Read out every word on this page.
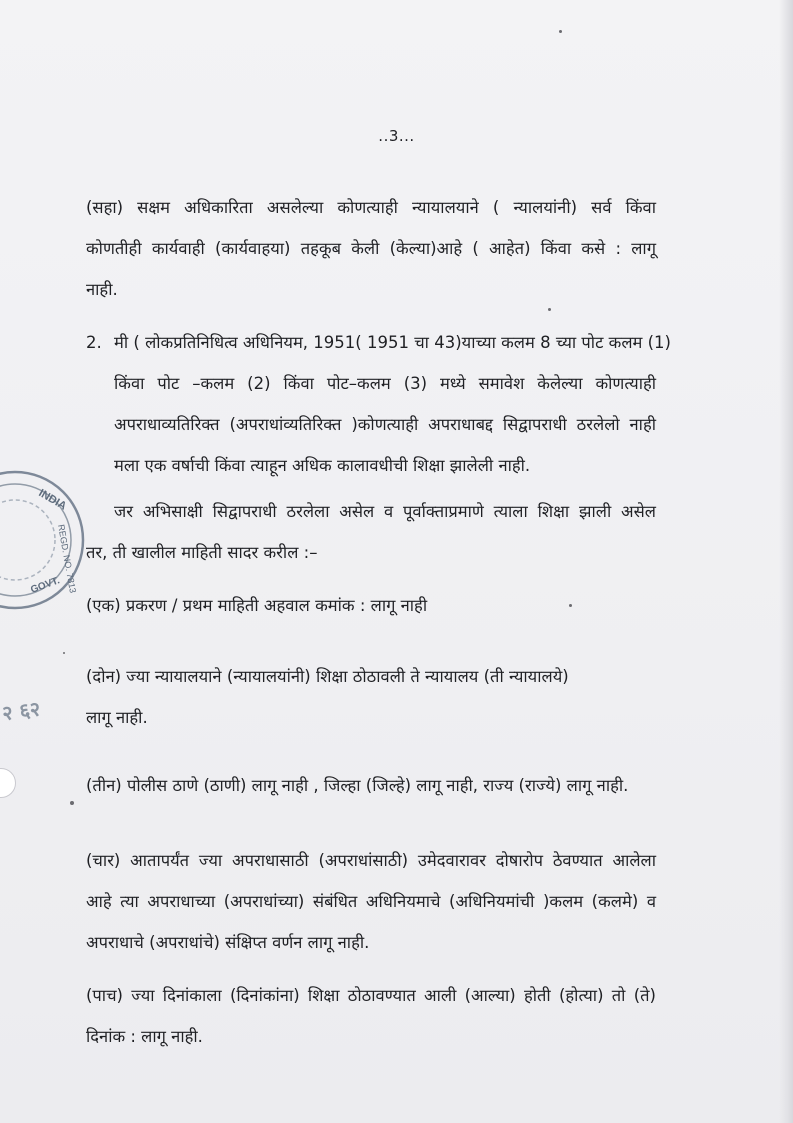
..3...
(सहा) सक्षम अधिकारिता असलेल्या कोणत्याही न्यायालयाने ( न्यालयांनी) सर्व किंवा
कोणतीही कार्यवाही (कार्यवाहया) तहकूब केली (केल्या)आहे ( आहेत) किंवा कसे : लागू
नाही.
2. मी ( लोकप्रतिनिधित्व अधिनियम, 1951( 1951 चा 43)याच्या कलम 8 च्या पोट कलम (1)
किंवा पोट –कलम (2) किंवा पोट–कलम (3) मध्ये समावेश केलेल्या कोणत्याही
अपराधाव्यतिरिक्त (अपराधांव्यतिरिक्त )कोणत्याही अपराधाबद्द सिद्वापराधी ठरलेलो नाही
मला एक वर्षाची किंवा त्याहून अधिक कालावधीची शिक्षा झालेली नाही.
जर अभिसाक्षी सिद्वापराधी ठरलेला असेल व पूर्वाक्ताप्रमाणे त्याला शिक्षा झाली असेल
तर, ती खालील माहिती सादर करील :–
(एक) प्रकरण / प्रथम माहिती अहवाल कमांक : लागू नाही
(दोन) ज्या न्यायालयाने (न्यायालयांनी) शिक्षा ठोठावली ते न्यायालय (ती न्यायालये)
लागू नाही.
(तीन) पोलीस ठाणे (ठाणी) लागू नाही , जिल्हा (जिल्हे) लागू नाही, राज्य (राज्ये) लागू नाही.
(चार) आतापर्यंत ज्या अपराधासाठी (अपराधांसाठी) उमेदवारावर दोषारोप ठेवण्यात आलेला
आहे त्या अपराधाच्या (अपराधांच्या) संबंधित अधिनियमाचे (अधिनियमांची )कलम (कलमे) व
अपराधाचे (अपराधांचे) संक्षिप्त वर्णन लागू नाही.
(पाच) ज्या दिनांकाला (दिनांकांना) शिक्षा ठोठावण्यात आली (आल्या) होती (होत्या) तो (ते)
दिनांक : लागू नाही.
INDIA
REGD. NO. 7813
GOVT.
२ ६२
